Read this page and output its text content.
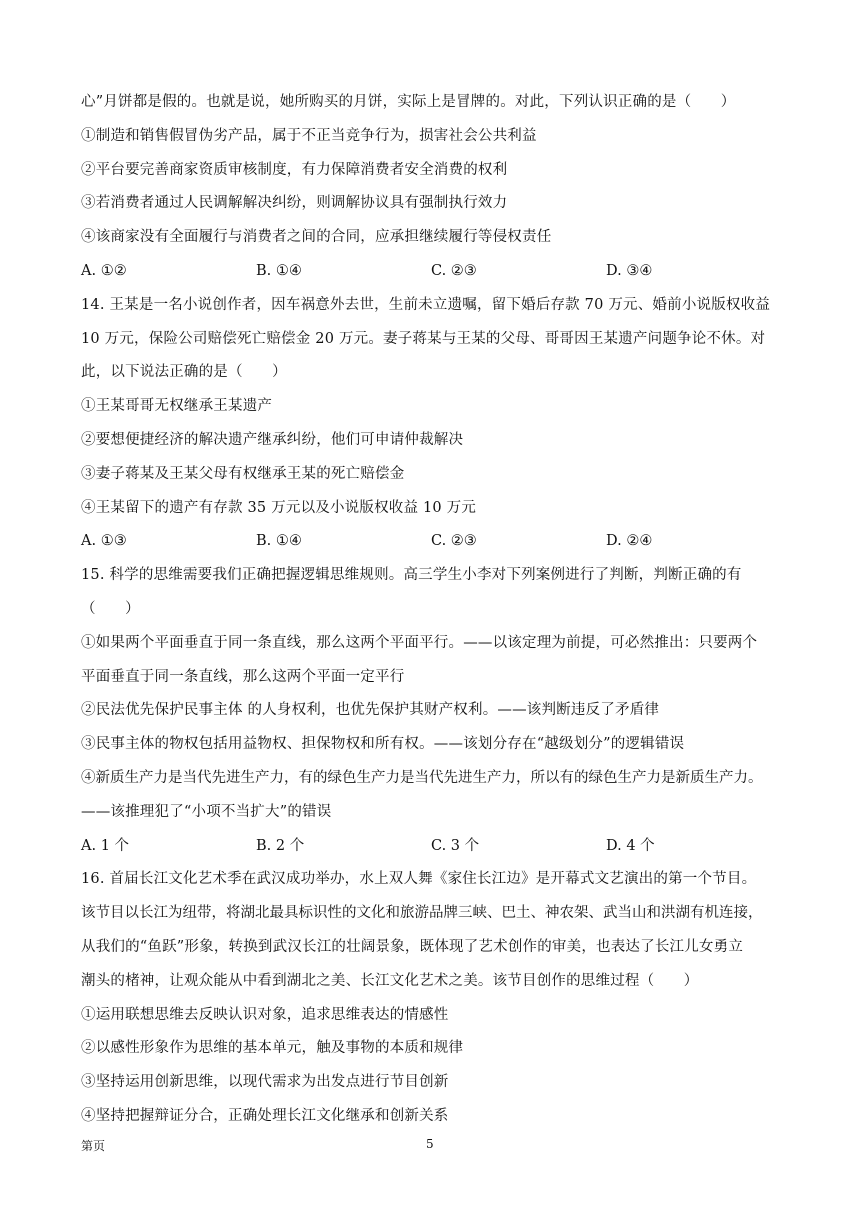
心”月饼都是假的。也就是说，她所购买的月饼，实际上是冒牌的。对此，下列认识正确的是（　　）
①制造和销售假冒伪劣产品，属于不正当竞争行为，损害社会公共利益
②平台要完善商家资质审核制度，有力保障消费者安全消费的权利
③若消费者通过人民调解解决纠纷，则调解协议具有强制执行效力
④该商家没有全面履行与消费者之间的合同，应承担继续履行等侵权责任
A. ①②	B. ①④	C. ②③	D. ③④
14. 王某是一名小说创作者，因车祸意外去世，生前未立遗嘱，留下婚后存款 70 万元、婚前小说版权收益
10 万元，保险公司赔偿死亡赔偿金 20 万元。妻子蒋某与王某的父母、哥哥因王某遗产问题争论不休。对
此，以下说法正确的是（　　）
①王某哥哥无权继承王某遗产
②要想便捷经济的解决遗产继承纠纷，他们可申请仲裁解决
③妻子蒋某及王某父母有权继承王某的死亡赔偿金
④王某留下的遗产有存款 35 万元以及小说版权收益 10 万元
A. ①③	B. ①④	C. ②③	D. ②④
15. 科学的思维需要我们正确把握逻辑思维规则。高三学生小李对下列案例进行了判断，判断正确的有
（　　）
①如果两个平面垂直于同一条直线，那么这两个平面平行。——以该定理为前提，可必然推出：只要两个
平面垂直于同一条直线，那么这两个平面一定平行
②民法优先保护民事主体 的人身权利，也优先保护其财产权利。——该判断违反了矛盾律
③民事主体的物权包括用益物权、担保物权和所有权。——该划分存在“越级划分”的逻辑错误
④新质生产力是当代先进生产力，有的绿色生产力是当代先进生产力，所以有的绿色生产力是新质生产力。
——该推理犯了“小项不当扩大”的错误
A. 1 个	B. 2 个	C. 3 个	D. 4 个
16. 首届长江文化艺术季在武汉成功举办，水上双人舞《家住长江边》是开幕式文艺演出的第一个节目。
该节目以长江为纽带，将湖北最具标识性的文化和旅游品牌三峡、巴土、神农架、武当山和洪湖有机连接，
从我们的“鱼跃”形象，转换到武汉长江的壮阔景象，既体现了艺术创作的审美，也表达了长江儿女勇立
潮头的楮神，让观众能从中看到湖北之美、长江文化艺术之美。该节目创作的思维过程（　　）
①运用联想思维去反映认识对象，追求思维表达的情感性
②以感性形象作为思维的基本单元，触及事物的本质和规律
③坚持运用创新思维，以现代需求为出发点进行节目创新
④坚持把握辩证分合，正确处理长江文化继承和创新关系
第页	5
